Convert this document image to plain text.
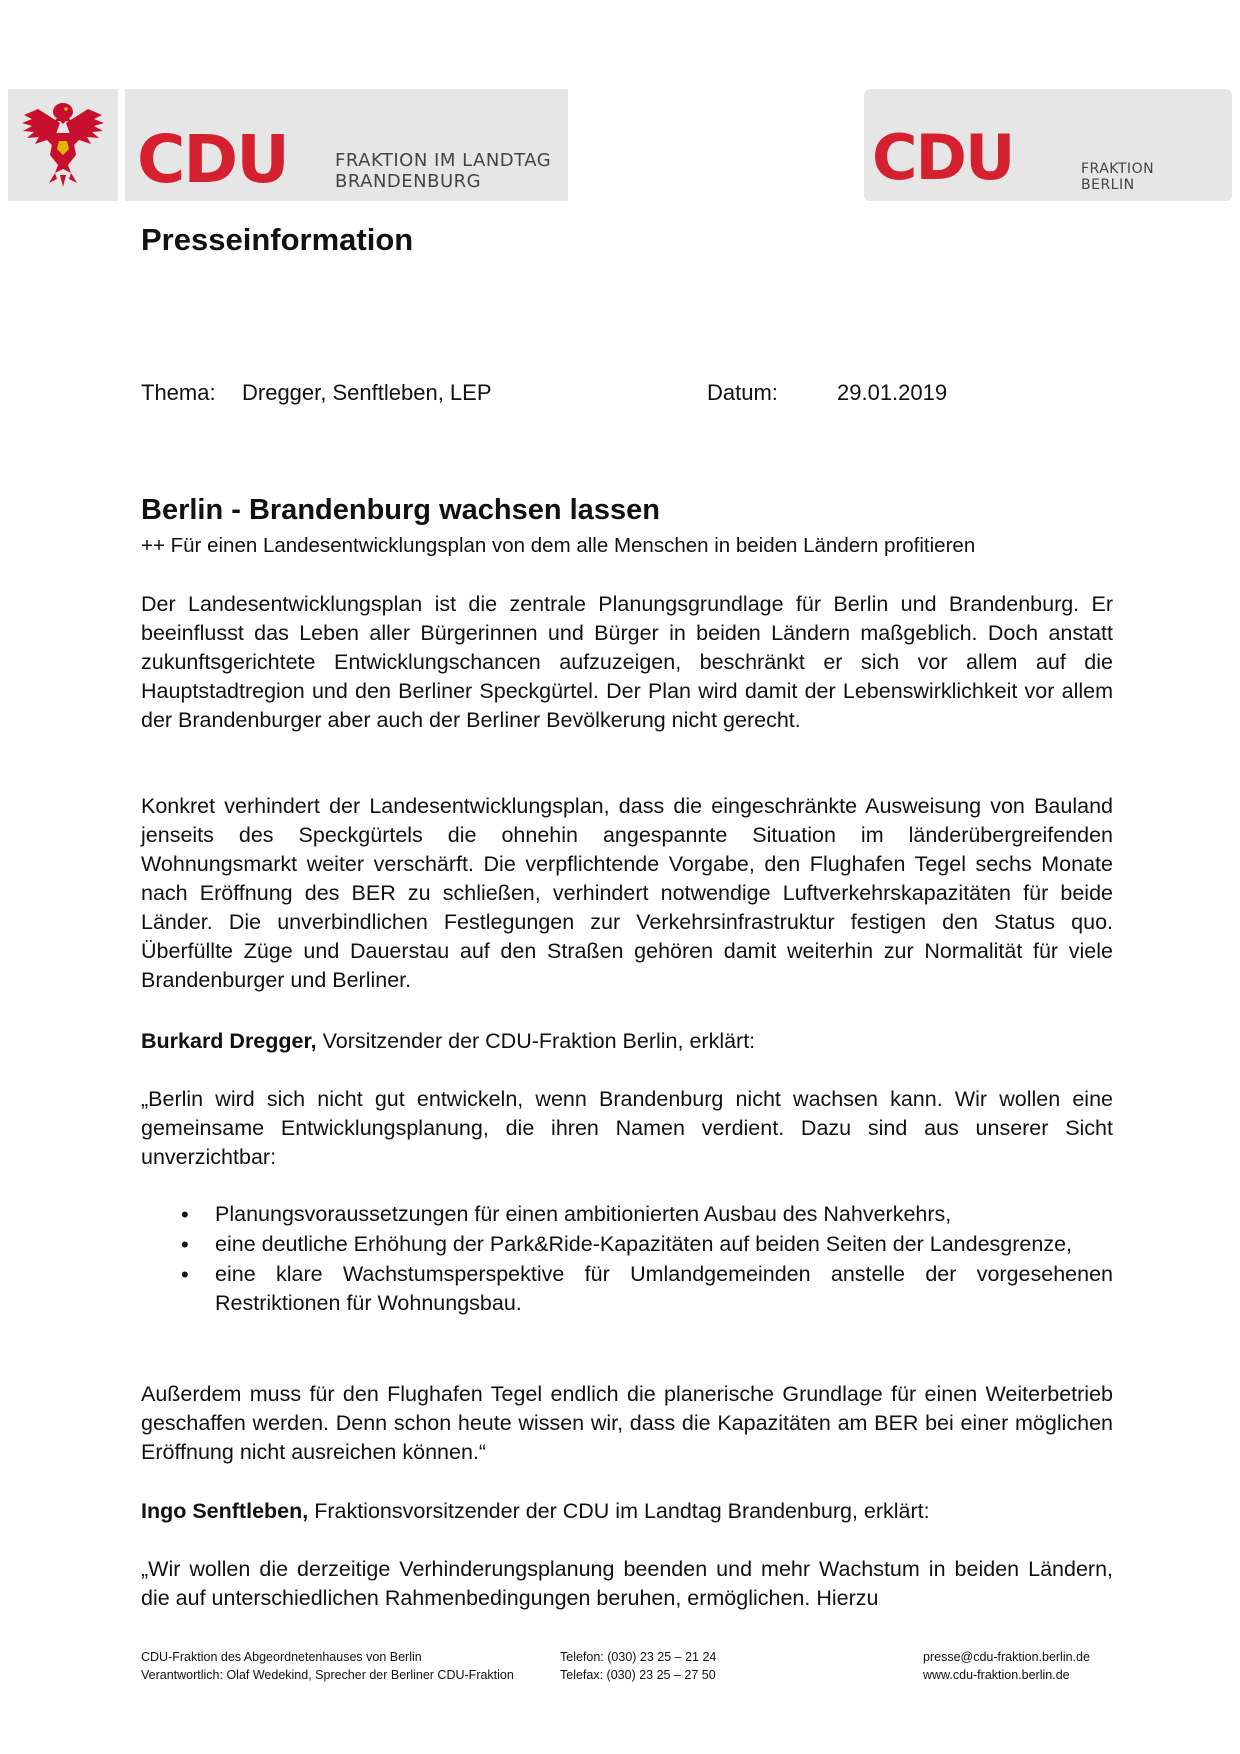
CDU	FRAKTION IM LANDTAG
BRANDENBURG	CDU	FRAKTION
BERLIN
Presseinformation
Thema: Dregger, Senftleben, LEP	Datum:	29.01.2019
Berlin - Brandenburg wachsen lassen
++ Für einen Landesentwicklungsplan von dem alle Menschen in beiden Ländern profitieren

Der Landesentwicklungsplan ist die zentrale Planungsgrundlage für Berlin und Brandenburg. Er beeinflusst das Leben aller Bürgerinnen und Bürger in beiden Ländern maßgeblich. Doch anstatt zukunftsgerichtete Entwicklungschancen aufzuzeigen, beschränkt er sich vor allem auf die Hauptstadtregion und den Berliner Speckgürtel. Der Plan wird damit der Lebenswirklichkeit vor allem der Brandenburger aber auch der Berliner Bevölkerung nicht gerecht.

Konkret verhindert der Landesentwicklungsplan, dass die eingeschränkte Ausweisung von Bauland jenseits des Speckgürtels die ohnehin angespannte Situation im länderübergreifenden Wohnungsmarkt weiter verschärft. Die verpflichtende Vorgabe, den Flughafen Tegel sechs Monate nach Eröffnung des BER zu schließen, verhindert notwendige Luftverkehrskapazitäten für beide Länder. Die unverbindlichen Festlegungen zur Verkehrsinfrastruktur festigen den Status quo. Überfüllte Züge und Dauerstau auf den Straßen gehören damit weiterhin zur Normalität für viele Brandenburger und Berliner.

Burkard Dregger, Vorsitzender der CDU-Fraktion Berlin, erklärt:

„Berlin wird sich nicht gut entwickeln, wenn Brandenburg nicht wachsen kann. Wir wollen eine gemeinsame Entwicklungsplanung, die ihren Namen verdient. Dazu sind aus unserer Sicht unverzichtbar:

• Planungsvoraussetzungen für einen ambitionierten Ausbau des Nahverkehrs,
• eine deutliche Erhöhung der Park&Ride-Kapazitäten auf beiden Seiten der Landesgrenze,
• eine klare Wachstumsperspektive für Umlandgemeinden anstelle der vorgesehenen Restriktionen für Wohnungsbau.

Außerdem muss für den Flughafen Tegel endlich die planerische Grundlage für einen Weiterbetrieb geschaffen werden. Denn schon heute wissen wir, dass die Kapazitäten am BER bei einer möglichen Eröffnung nicht ausreichen können.“

Ingo Senftleben, Fraktionsvorsitzender der CDU im Landtag Brandenburg, erklärt:

„Wir wollen die derzeitige Verhinderungsplanung beenden und mehr Wachstum in beiden Ländern, die auf unterschiedlichen Rahmenbedingungen beruhen, ermöglichen. Hierzu

CDU-Fraktion des Abgeordnetenhauses von Berlin
Verantwortlich: Olaf Wedekind, Sprecher der Berliner CDU-Fraktion
Telefon: (030) 23 25 – 21 24
Telefax: (030) 23 25 – 27 50
presse@cdu-fraktion.berlin.de
www.cdu-fraktion.berlin.de
